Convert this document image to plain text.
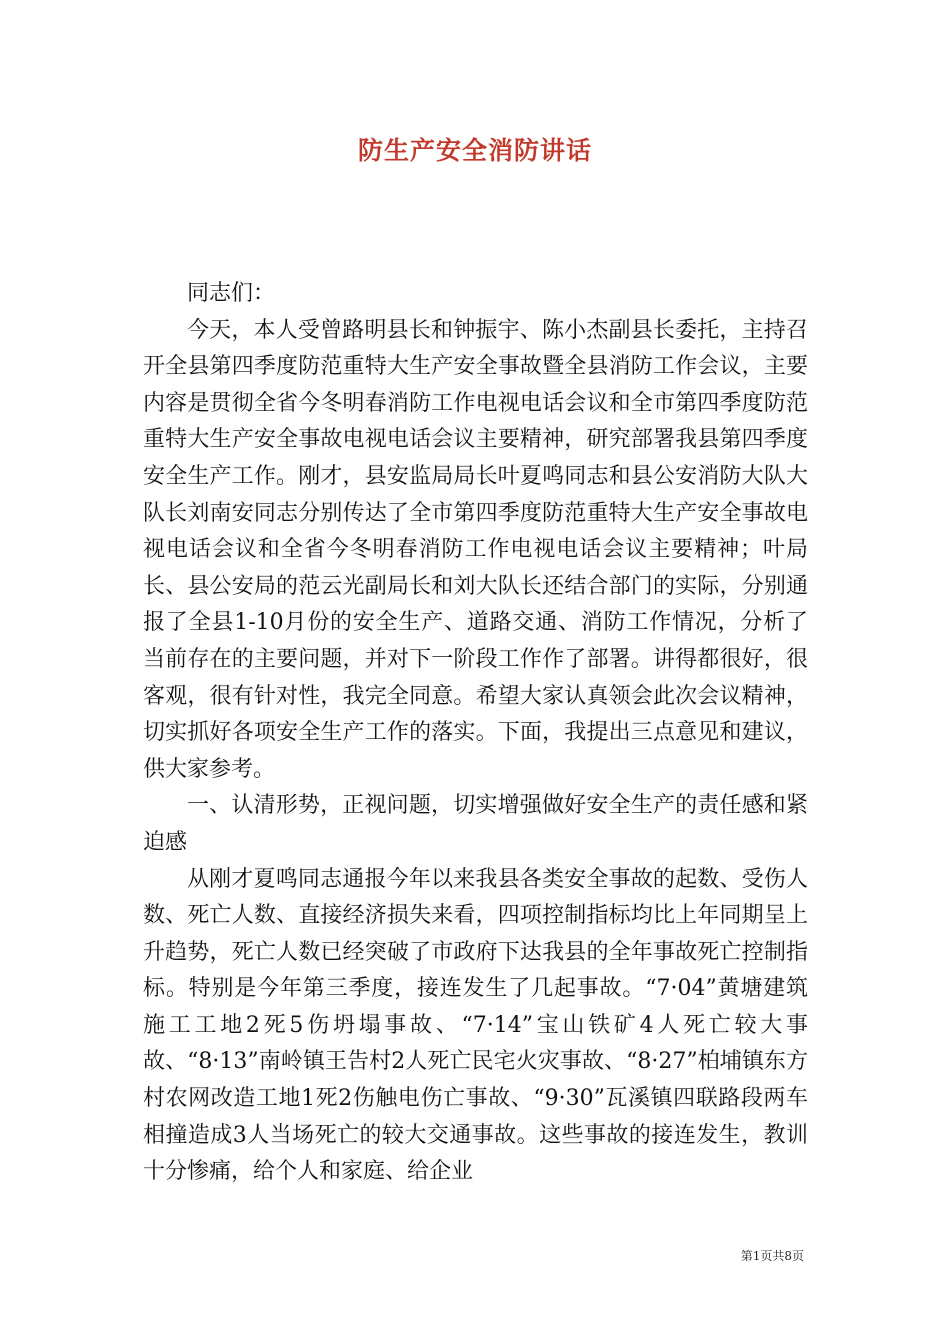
防生产安全消防讲话

同志们：

今天，本人受曾路明县长和钟振宇、陈小杰副县长委托，主持召开全县第四季度防范重特大生产安全事故暨全县消防工作会议，主要内容是贯彻全省今冬明春消防工作电视电话会议和全市第四季度防范重特大生产安全事故电视电话会议主要精神，研究部署我县第四季度安全生产工作。刚才，县安监局局长叶夏鸣同志和县公安消防大队大队长刘南安同志分别传达了全市第四季度防范重特大生产安全事故电视电话会议和全省今冬明春消防工作电视电话会议主要精神；叶局长、县公安局的范云光副局长和刘大队长还结合部门的实际，分别通报了全县1-10月份的安全生产、道路交通、消防工作情况，分析了当前存在的主要问题，并对下一阶段工作作了部署。讲得都很好，很客观，很有针对性，我完全同意。希望大家认真领会此次会议精神，切实抓好各项安全生产工作的落实。下面，我提出三点意见和建议，供大家参考。

一、认清形势，正视问题，切实增强做好安全生产的责任感和紧迫感

从刚才夏鸣同志通报今年以来我县各类安全事故的起数、受伤人数、死亡人数、直接经济损失来看，四项控制指标均比上年同期呈上升趋势，死亡人数已经突破了市政府下达我县的全年事故死亡控制指标。特别是今年第三季度，接连发生了几起事故。“7·04”黄塘建筑施工工地2死5伤坍塌事故、“7·14”宝山铁矿4人死亡较大事故、“8·13”南岭镇王告村2人死亡民宅火灾事故、“8·27”柏埔镇东方村农网改造工地1死2伤触电伤亡事故、“9·30”瓦溪镇四联路段两车相撞造成3人当场死亡的较大交通事故。这些事故的接连发生，教训十分惨痛，给个人和家庭、给企业

第1页共8页
